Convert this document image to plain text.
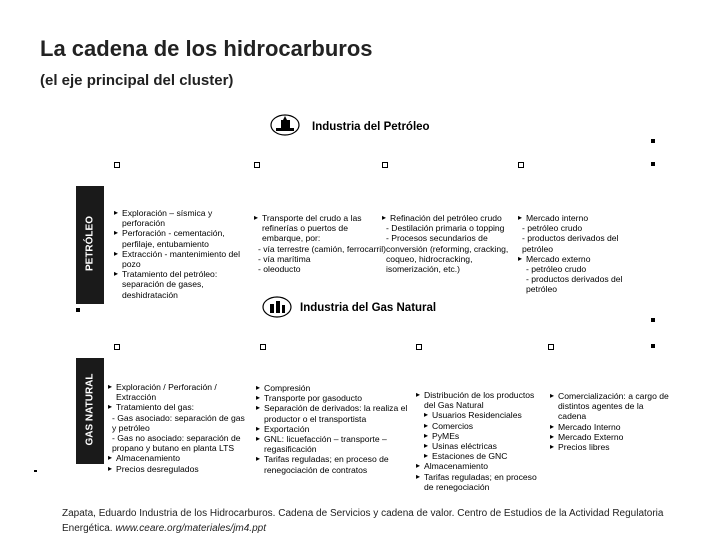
La cadena de los hidrocarburos
(el eje principal del cluster)
Industria del Petróleo
PETRÓLEO
▸ Exploración – sísmica y perforación
▸ Perforación - cementación, perfilaje, entubamiento
▸ Extracción - mantenimiento del pozo
▸ Tratamiento del petróleo: separación de gases, deshidratación
▸ Transporte del crudo a las refinerías o puertos de embarque, por:
- vía terrestre (camión, ferrocarril)
- vía marítima
- oleoducto
▸ Refinación del petróleo crudo
- Destilación primaria o topping
- Procesos secundarios de conversión (reforming, cracking, coqueo, hidrocracking, isomerización, etc.)
▸ Mercado interno
- petróleo crudo
- productos derivados del petróleo
▸ Mercado externo
- petróleo crudo
- productos derivados del petróleo
Industria del Gas Natural
GAS NATURAL
▸	Exploración / Perforación / Extracción
▸ Tratamiento del gas:
- Gas asociado: separación de gas y petróleo
- Gas no asociado: separación de propano y butano en planta LTS
▸ Almacenamiento
▸ Precios desregulados
▸ Compresión
▸ Transporte por gasoducto
▸ Separación de derivados: la realiza el productor o el transportista
▸ Exportación
▸ GNL: licuefacción – transporte – regasificación
▸ Tarifas reguladas; en proceso de renegociación de contratos
▸ Distribución de los productos del Gas Natural
▸ Usuarios Residenciales
▸ Comercios
▸ PyMEs
▸ Usinas eléctricas
▸ Estaciones de GNC
▸ Almacenamiento
▸ Tarifas reguladas; en proceso de renegociación
▸ Comercialización: a cargo de distintos agentes de la cadena
▸ Mercado Interno
▸ Mercado Externo
▸ Precios libres
Zapata, Eduardo Industria de los Hidrocarburos. Cadena de Servicios y cadena de valor. Centro de Estudios de la Actividad Regulatoria Energética. www.ceare.org/materiales/jm4.ppt
